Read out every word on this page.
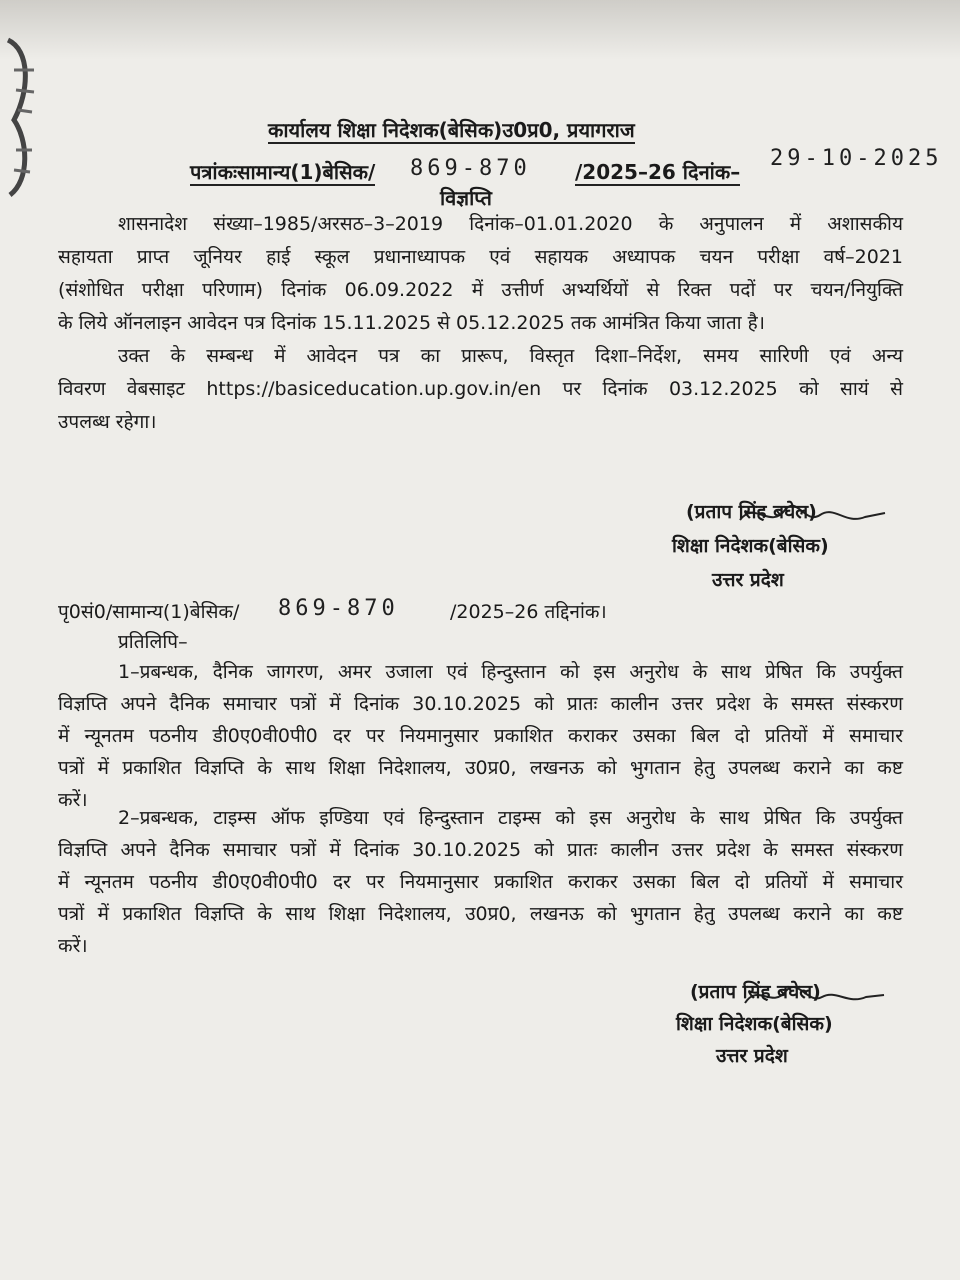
कार्यालय शिक्षा निदेशक(बेसिक)उ0प्र0, प्रयागराज
पत्रांकःसामान्य(1)बेसिक/ 869-870 /2025–26 दिनांक–
29-10-2025
विज्ञप्ति
शासनादेश संख्या–1985/अरसठ–3–2019 दिनांक–01.01.2020 के अनुपालन में अशासकीय
सहायता प्राप्त जूनियर हाई स्कूल प्रधानाध्यापक एवं सहायक अध्यापक चयन परीक्षा वर्ष–2021
(संशोधित परीक्षा परिणाम) दिनांक 06.09.2022 में उत्तीर्ण अभ्यर्थियों से रिक्त पदों पर चयन/नियुक्ति
के लिये ऑनलाइन आवेदन पत्र दिनांक 15.11.2025 से 05.12.2025 तक आमंत्रित किया जाता है।
उक्त के सम्बन्ध में आवेदन पत्र का प्रारूप, विस्तृत दिशा–निर्देश, समय सारिणी एवं अन्य
विवरण वेबसाइट https://basiceducation.up.gov.in/en पर दिनांक 03.12.2025 को सायं से
उपलब्ध रहेगा।
(प्रताप सिंह बघेल)
शिक्षा निदेशक(बेसिक)
उत्तर प्रदेश
पृ0सं0/सामान्य(1)बेसिक/ 869-870	/2025–26 तद्दिनांक।
प्रतिलिपि–
1–प्रबन्धक, दैनिक जागरण, अमर उजाला एवं हिन्दुस्तान को इस अनुरोध के साथ प्रेषित कि उपर्युक्त
विज्ञप्ति अपने दैनिक समाचार पत्रों में दिनांक 30.10.2025 को प्रातः कालीन उत्तर प्रदेश के समस्त संस्करण
में न्यूनतम पठनीय डी0ए0वी0पी0 दर पर नियमानुसार प्रकाशित कराकर उसका बिल दो प्रतियों में समाचार
पत्रों में प्रकाशित विज्ञप्ति के साथ शिक्षा निदेशालय, उ0प्र0, लखनऊ को भुगतान हेतु उपलब्ध कराने का कष्ट
करें।
2–प्रबन्धक, टाइम्स ऑफ इण्डिया एवं हिन्दुस्तान टाइम्स को इस अनुरोध के साथ प्रेषित कि उपर्युक्त
विज्ञप्ति अपने दैनिक समाचार पत्रों में दिनांक 30.10.2025 को प्रातः कालीन उत्तर प्रदेश के समस्त संस्करण
में न्यूनतम पठनीय डी0ए0वी0पी0 दर पर नियमानुसार प्रकाशित कराकर उसका बिल दो प्रतियों में समाचार
पत्रों में प्रकाशित विज्ञप्ति के साथ शिक्षा निदेशालय, उ0प्र0, लखनऊ को भुगतान हेतु उपलब्ध कराने का कष्ट
करें।
(प्रताप सिंह बघेल)
शिक्षा निदेशक(बेसिक)
उत्तर प्रदेश
